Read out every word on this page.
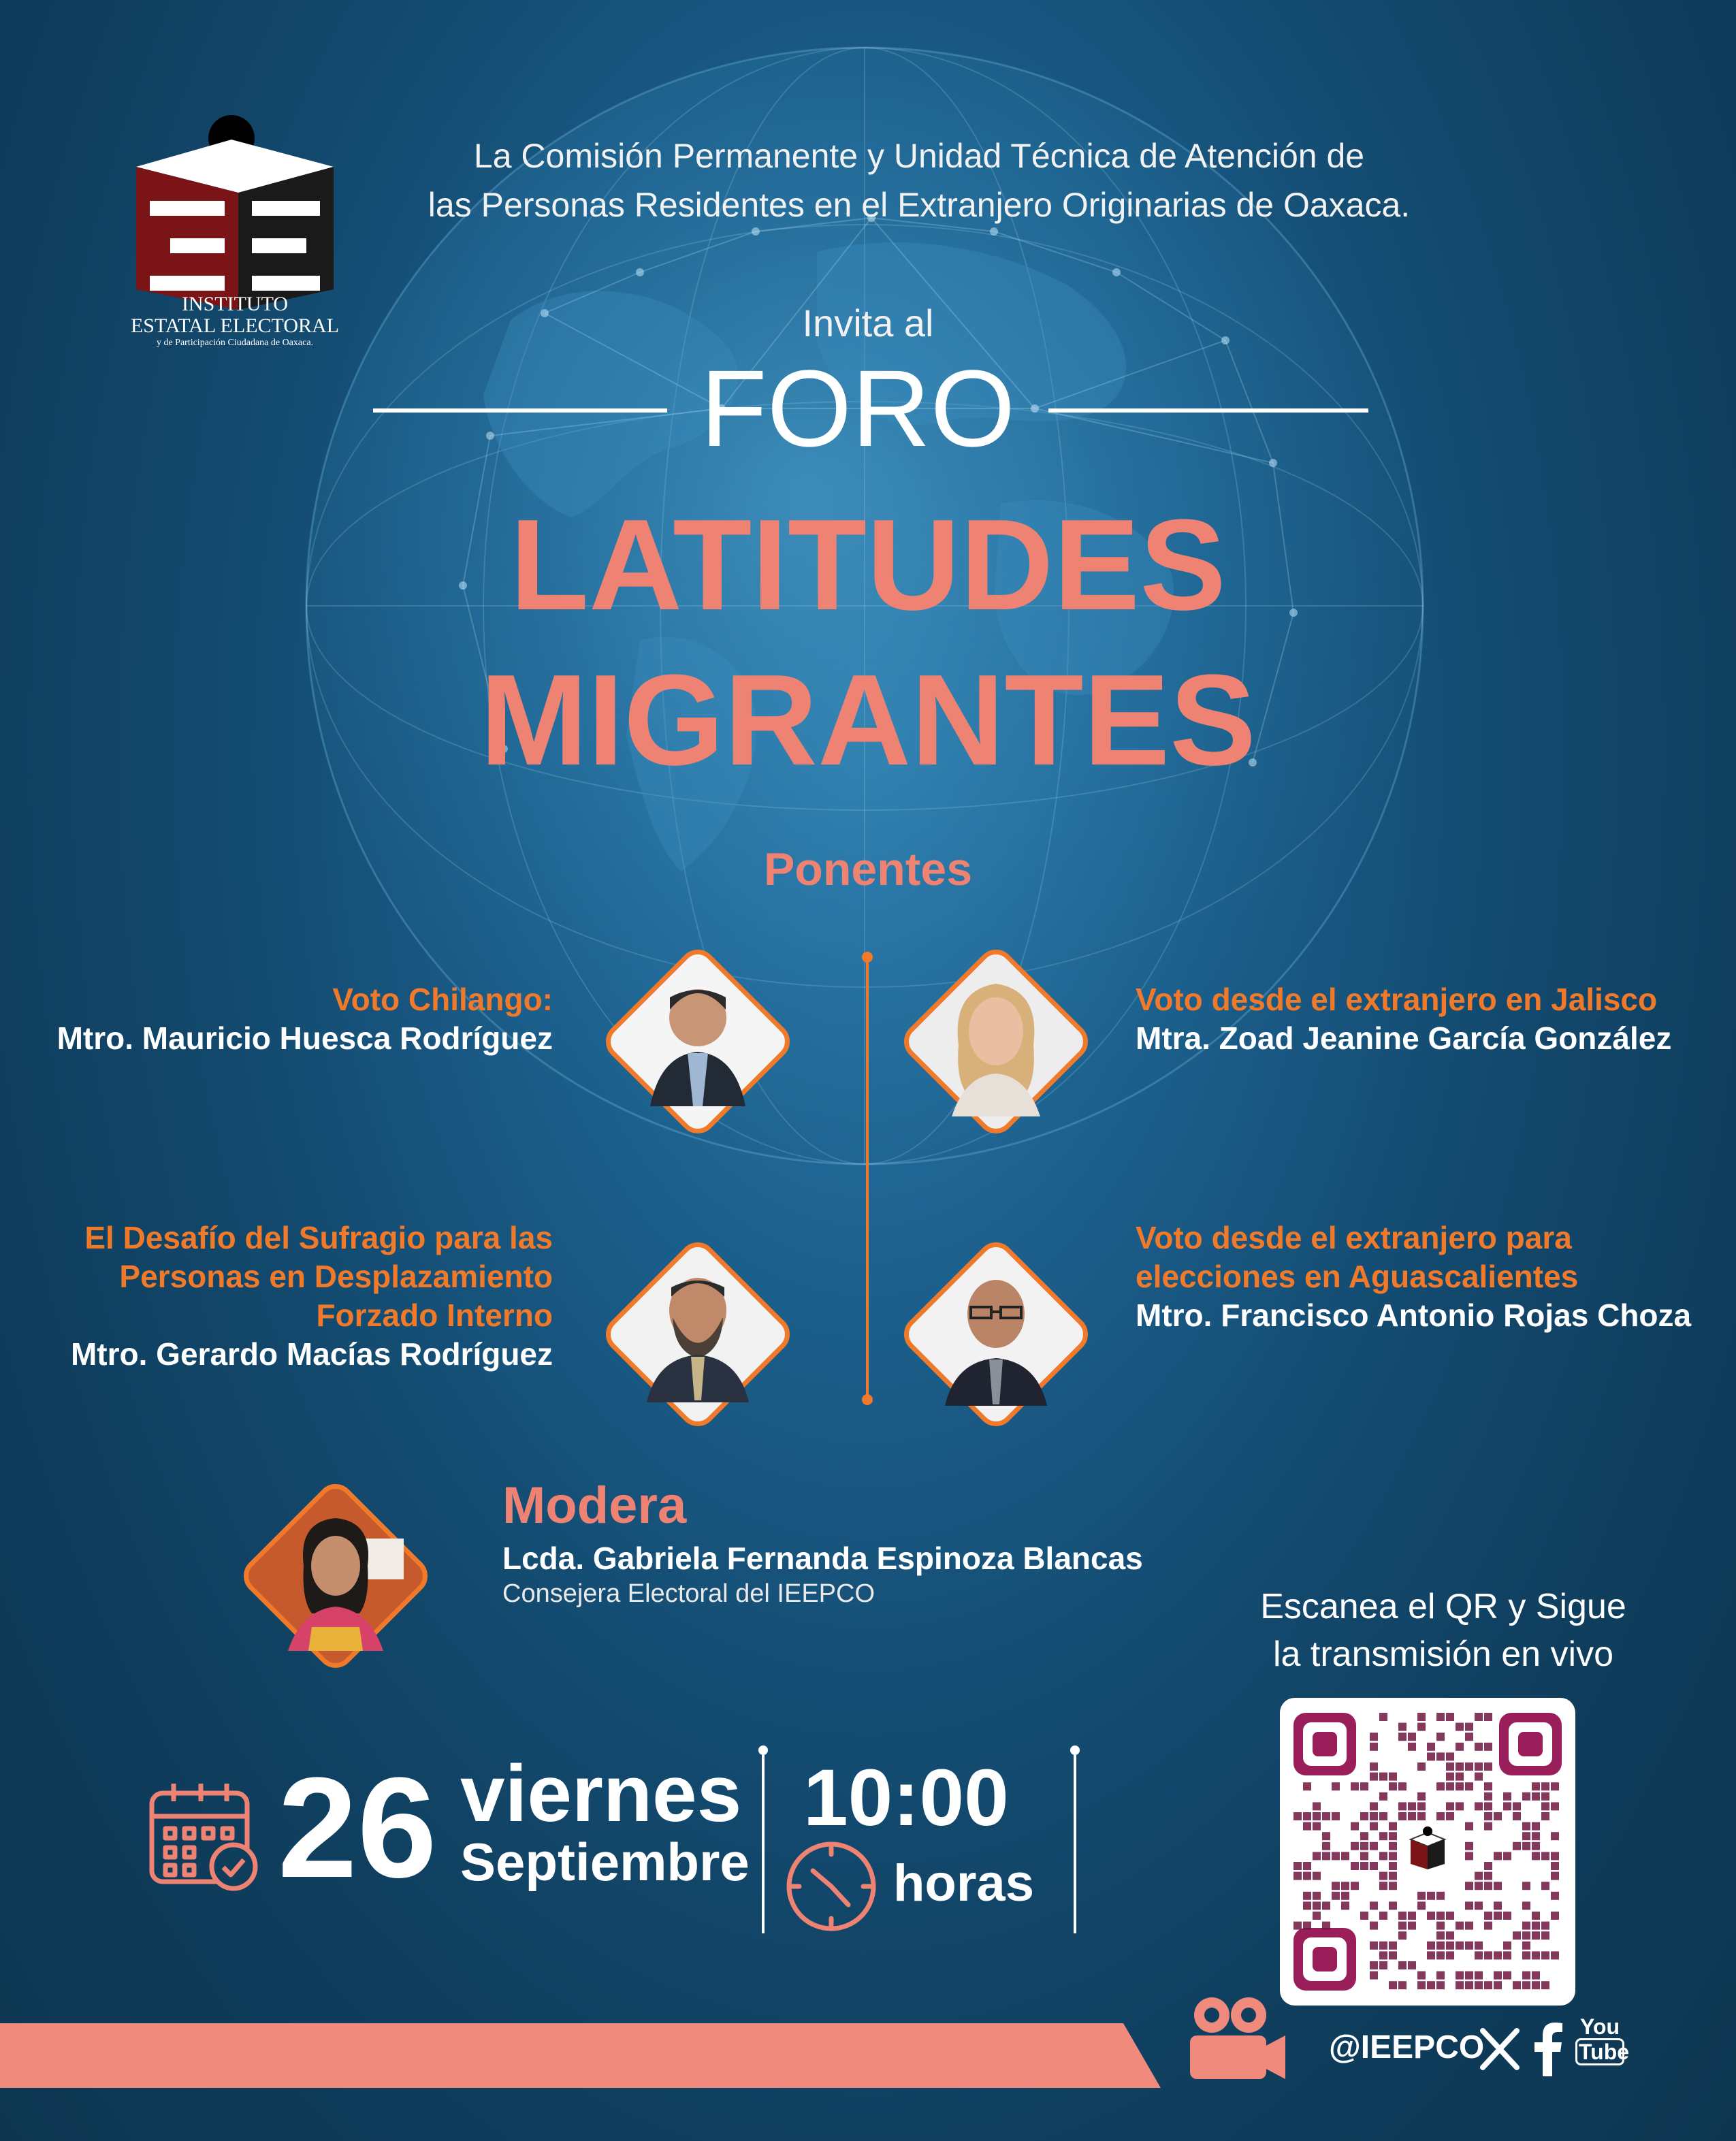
INSTITUTO
ESTATAL ELECTORAL
y de Participación Ciudadana de Oaxaca.
La Comisión Permanente y Unidad Técnica de Atención de
las Personas Residentes en el Extranjero Originarias de Oaxaca.
Invita al
FORO
LATITUDES
MIGRANTES
Ponentes
Voto Chilango:
Mtro. Mauricio Huesca Rodríguez
Voto desde el extranjero en Jalisco
Mtra. Zoad Jeanine García González
El Desafío del Sufragio para las
Personas en Desplazamiento
Forzado Interno
Mtro. Gerardo Macías Rodríguez
Voto desde el extranjero para
elecciones en Aguascalientes
Mtro. Francisco Antonio Rojas Choza
Modera
Lcda. Gabriela Fernanda Espinoza Blancas
Consejera Electoral del IEEPCO
26 viernes
Septiembre
10:00
horas
Escanea el QR y Sigue
la transmisión en vivo
@IEEPCO
You
Tube
